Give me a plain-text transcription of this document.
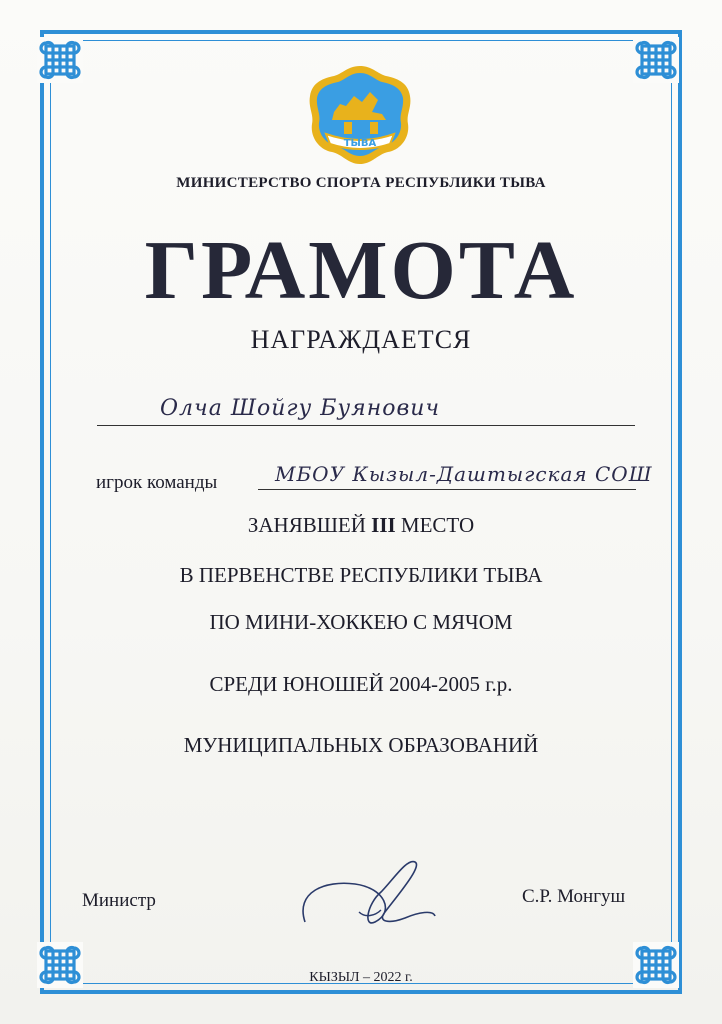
ТЫВА
МИНИСТЕРСТВО СПОРТА РЕСПУБЛИКИ ТЫВА
ГРАМОТА
НАГРАЖДАЕТСЯ
Олча Шойгу Буянович
игрок команды	МБОУ Кызыл-Даштыгская СОШ
ЗАНЯВШЕЙ III МЕСТО
В ПЕРВЕНСТВЕ РЕСПУБЛИКИ ТЫВА
ПО МИНИ-ХОККЕЮ С МЯЧОМ
СРЕДИ ЮНОШЕЙ 2004-2005 г.р.
МУНИЦИПАЛЬНЫХ ОБРАЗОВАНИЙ
Министр	С.Р. Монгуш
КЫЗЫЛ – 2022 г.
